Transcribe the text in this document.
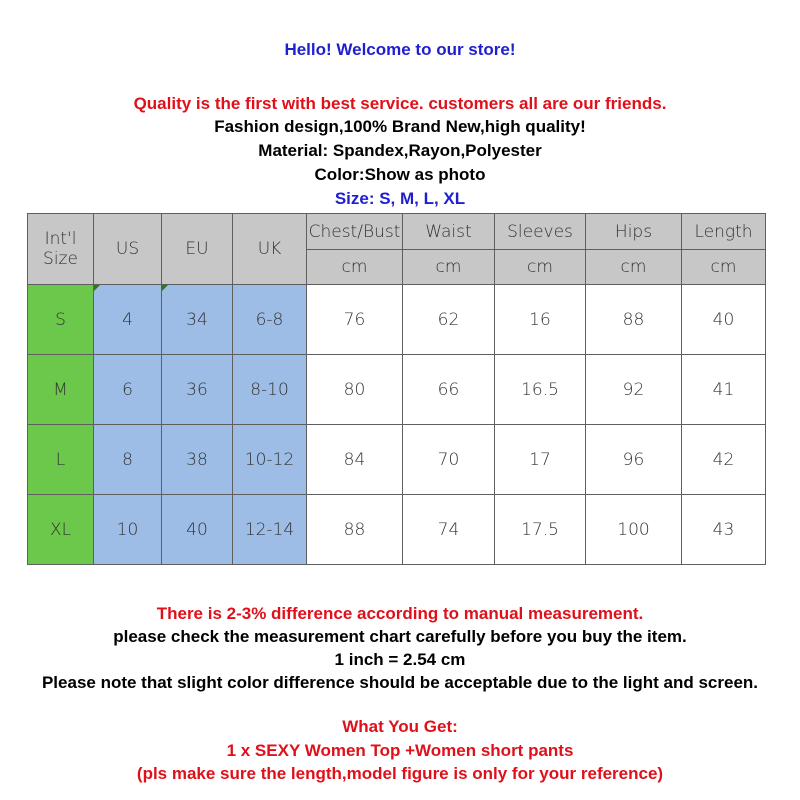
Hello! Welcome to our store!
Quality is the first with best service. customers all are our friends.
Fashion design,100% Brand New,high quality!
Material: Spandex,Rayon,Polyester
Color:Show as photo
Size: S, M, L, XL
Int'l Size	US	EU	UK	Chest/Bust	Waist	Sleeves	Hips	Length
				cm	cm	cm	cm	cm
S	4	34	6-8	76	62	16	88	40
M	6	36	8-10	80	66	16.5	92	41
L	8	38	10-12	84	70	17	96	42
XL	10	40	12-14	88	74	17.5	100	43
There is 2-3% difference according to manual measurement.
please check the measurement chart carefully before you buy the item.
1 inch = 2.54 cm
Please note that slight color difference should be acceptable due to the light and screen.
What You Get:
1 x SEXY Women Top +Women short pants
(pls make sure the length,model figure is only for your reference)
